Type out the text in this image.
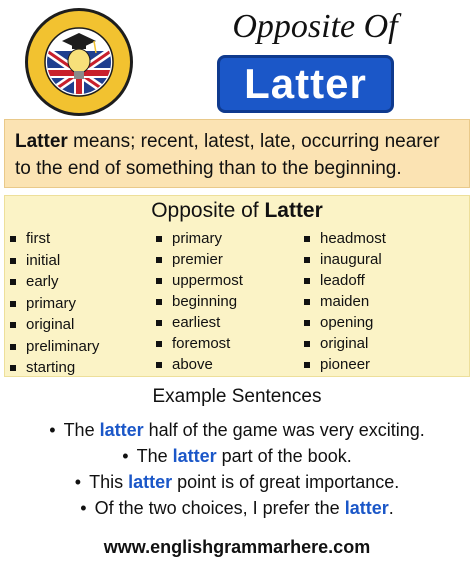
Opposite Of
Latter
Latter means; recent, latest, late, occurring nearer to the end of something than to the beginning.
Opposite of Latter
first
initial
early
primary
original
preliminary
starting
primary
premier
uppermost
beginning
earliest
foremost
above
headmost
inaugural
leadoff
maiden
opening
original
pioneer
Example Sentences
• The latter half of the game was very exciting.
• The latter part of the book.
• This latter point is of great importance.
• Of the two choices, I prefer the latter.
www.englishgrammarhere.com
